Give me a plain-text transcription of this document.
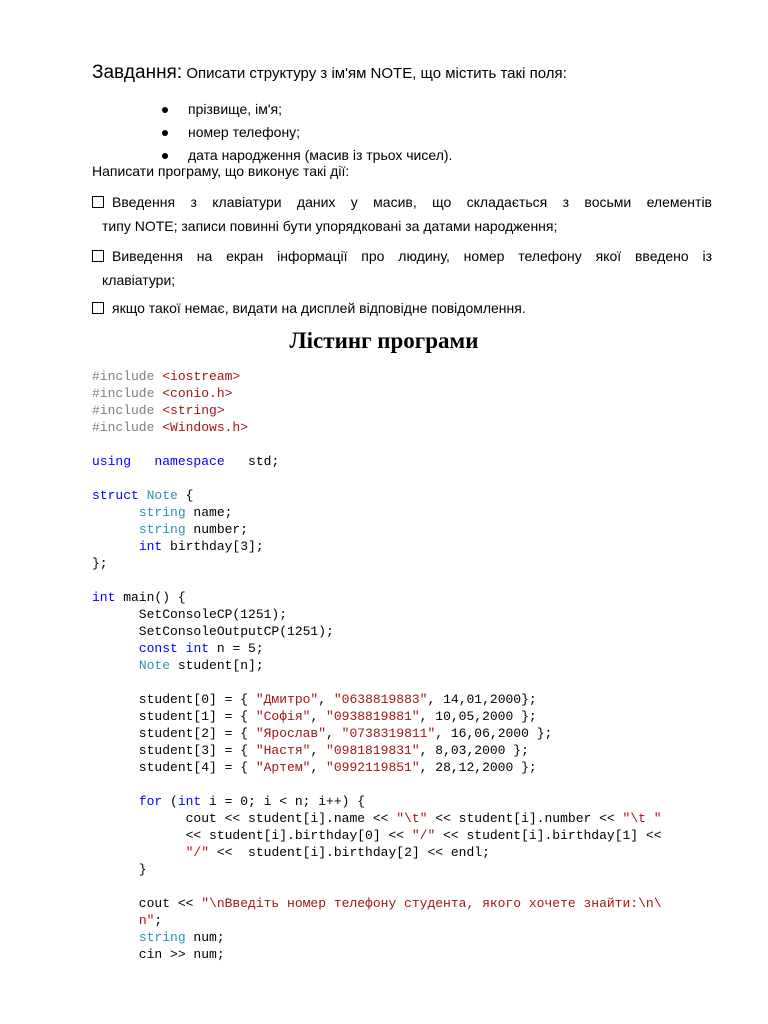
Завдання: Описати структуру з ім'ям NOTE, що містить такі поля:
прізвище, ім'я;
номер телефону;
дата народження (масив із трьох чисел).
Написати програму, що виконує такі дії:
Введення з клавіатури даних у масив, що складається з восьми елементів
типу NOTE; записи повинні бути упорядковані за датами народження;
Виведення на екран інформації про людину, номер телефону якої введено із
клавіатури;
якщо такої немає, видати на дисплей відповідне повідомлення.
Лістинг програми
#include <iostream>
#include <conio.h>
#include <string>
#include <Windows.h>

using namespace   std;

struct Note {
string name;
string number;
int birthday[3];
};

int main() {
SetConsoleCP(1251);
SetConsoleOutputCP(1251);
const int n = 5;
Note student[n];

student[0] = { "Дмитро", "0638819883", 14,01,2000};
student[1] = { "Софія", "0938819881", 10,05,2000 };
student[2] = { "Ярослав", "0738319811", 16,06,2000 };
student[3] = { "Настя", "0981819831", 8,03,2000 };
student[4] = { "Артем", "0992119851", 28,12,2000 };

for (int i = 0; i < n; i++) {
cout << student[i].name << "\t" << student[i].number << "\t "
<< student[i].birthday[0] << "/" << student[i].birthday[1] <<
"/" <<  student[i].birthday[2] << endl;
}

cout << "\nВведіть номер телефону студента, якого хочете знайти:\n\
n";
string num;
cin >> num;
